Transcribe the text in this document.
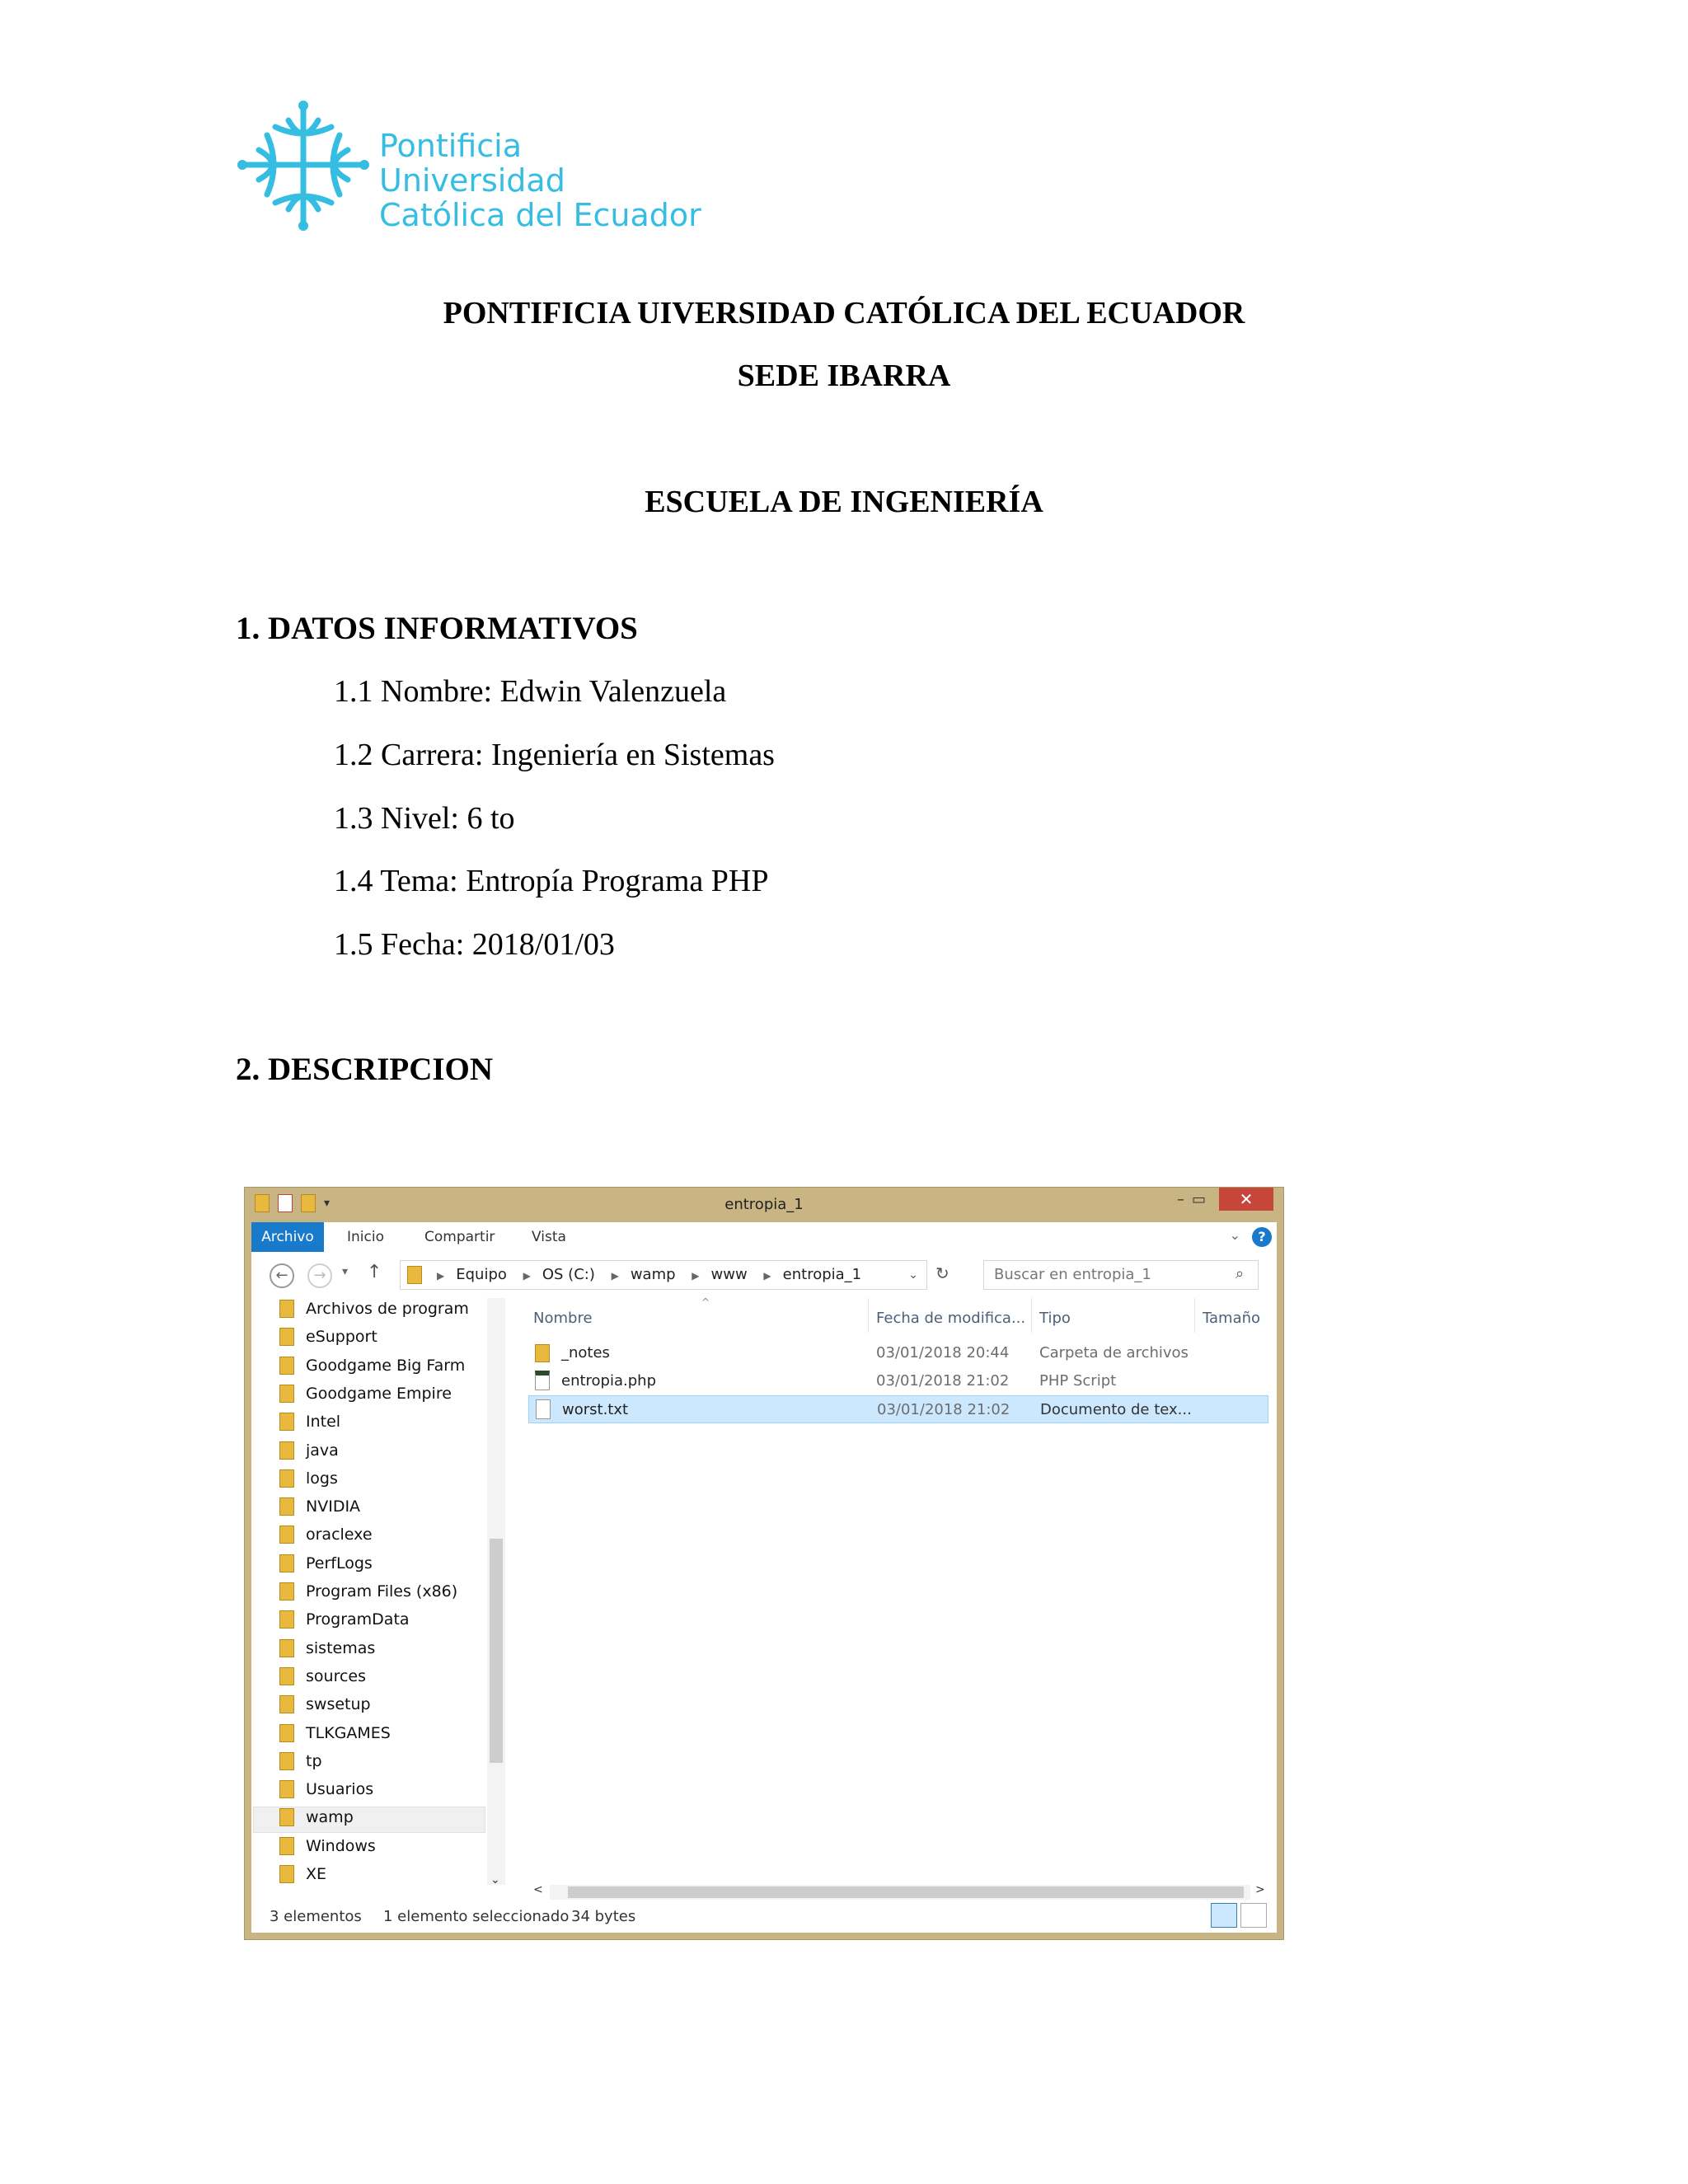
Pontificia Universidad
Católica del Ecuador
PONTIFICIA UIVERSIDAD CATÓLICA DEL ECUADOR
SEDE IBARRA
ESCUELA DE INGENIERÍA
1. DATOS INFORMATIVOS
1.1 Nombre: Edwin Valenzuela
1.2 Carrera: Ingeniería en Sistemas
1.3 Nivel: 6 to
1.4 Tema: Entropía Programa PHP
1.5 Fecha: 2018/01/03
2. DESCRIPCION
▾	entropia_1	– ▭	✕
Archivo	Inicio	Compartir	Vista	⌄	?
←	→	▾ ↑	▶ Equipo ▶ OS (C:) ▶ wamp ▶ www ▶ entropia_1	⌄ ↻	Buscar en entropia_1	⌕
Archivos de program
eSupport
Goodgame Big Farm
Goodgame Empire
Intel
java
logs
NVIDIA
oraclexe
PerfLogs
Program Files (x86)
ProgramData
sistemas
sources
swsetup
TLKGAMES
tp
Usuarios
wamp
Windows
XE	⌄
^
Nombre	Fecha de modifica... Tipo	Tamaño
_notes	03/01/2018 20:44 Carpeta de archivos
entropia.php	03/01/2018 21:02 PHP Script
worst.txt	03/01/2018 21:02 Documento de tex...
<	>
3 elementos 1 elemento seleccionado 34 bytes
